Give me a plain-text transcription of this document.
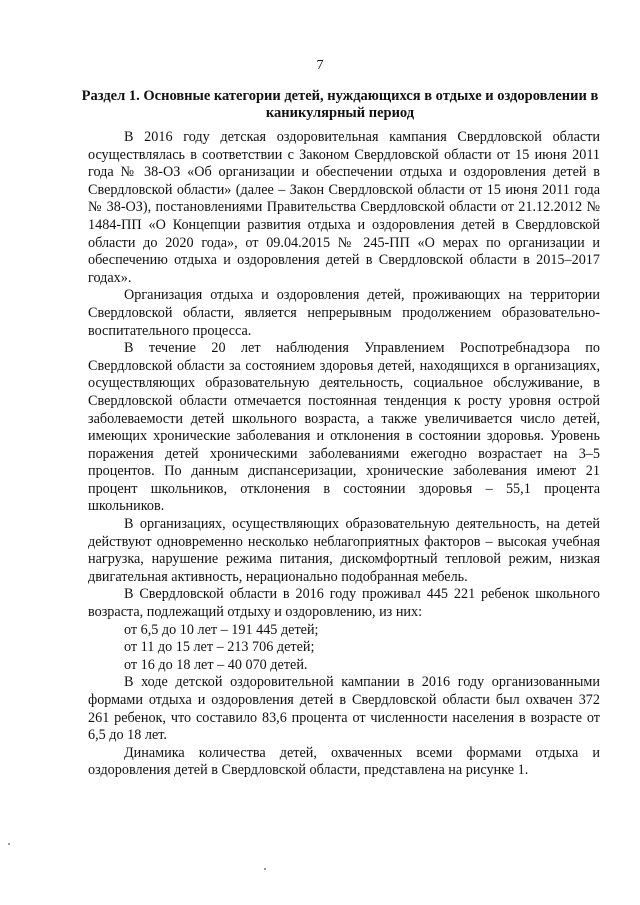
7
Раздел 1. Основные категории детей, нуждающихся в отдыхе и оздоровлении в каникулярный период

В 2016 году детская оздоровительная кампания Свердловской области осуществлялась в соответствии с Законом Свердловской области от 15 июня 2011 года № 38-ОЗ «Об организации и обеспечении отдыха и оздоровления детей в Свердловской области» (далее – Закон Свердловской области от 15 июня 2011 года № 38-ОЗ), постановлениями Правительства Свердловской области от 21.12.2012 № 1484-ПП «О Концепции развития отдыха и оздоровления детей в Свердловской области до 2020 года», от 09.04.2015 № 245-ПП «О мерах по организации и обеспечению отдыха и оздоровления детей в Свердловской области в 2015–2017 годах».

Организация отдыха и оздоровления детей, проживающих на территории Свердловской области, является непрерывным продолжением образовательно-воспитательного процесса.

В течение 20 лет наблюдения Управлением Роспотребнадзора по Свердловской области за состоянием здоровья детей, находящихся в организациях, осуществляющих образовательную деятельность, социальное обслуживание, в Свердловской области отмечается постоянная тенденция к росту уровня острой заболеваемости детей школьного возраста, а также увеличивается число детей, имеющих хронические заболевания и отклонения в состоянии здоровья. Уровень поражения детей хроническими заболеваниями ежегодно возрастает на 3–5 процентов. По данным диспансеризации, хронические заболевания имеют 21 процент школьников, отклонения в состоянии здоровья – 55,1 процента школьников.

В организациях, осуществляющих образовательную деятельность, на детей действуют одновременно несколько неблагоприятных факторов – высокая учебная нагрузка, нарушение режима питания, дискомфортный тепловой режим, низкая двигательная активность, нерационально подобранная мебель.

В Свердловской области в 2016 году проживал 445 221 ребенок школьного возраста, подлежащий отдыху и оздоровлению, из них:

от 6,5 до 10 лет – 191 445 детей;

от 11 до 15 лет – 213 706 детей;

от 16 до 18 лет – 40 070 детей.

В ходе детской оздоровительной кампании в 2016 году организованными формами отдыха и оздоровления детей в Свердловской области был охвачен 372 261 ребенок, что составило 83,6 процента от численности населения в возрасте от 6,5 до 18 лет.

Динамика количества детей, охваченных всеми формами отдыха и оздоровления детей в Свердловской области, представлена на рисунке 1.
